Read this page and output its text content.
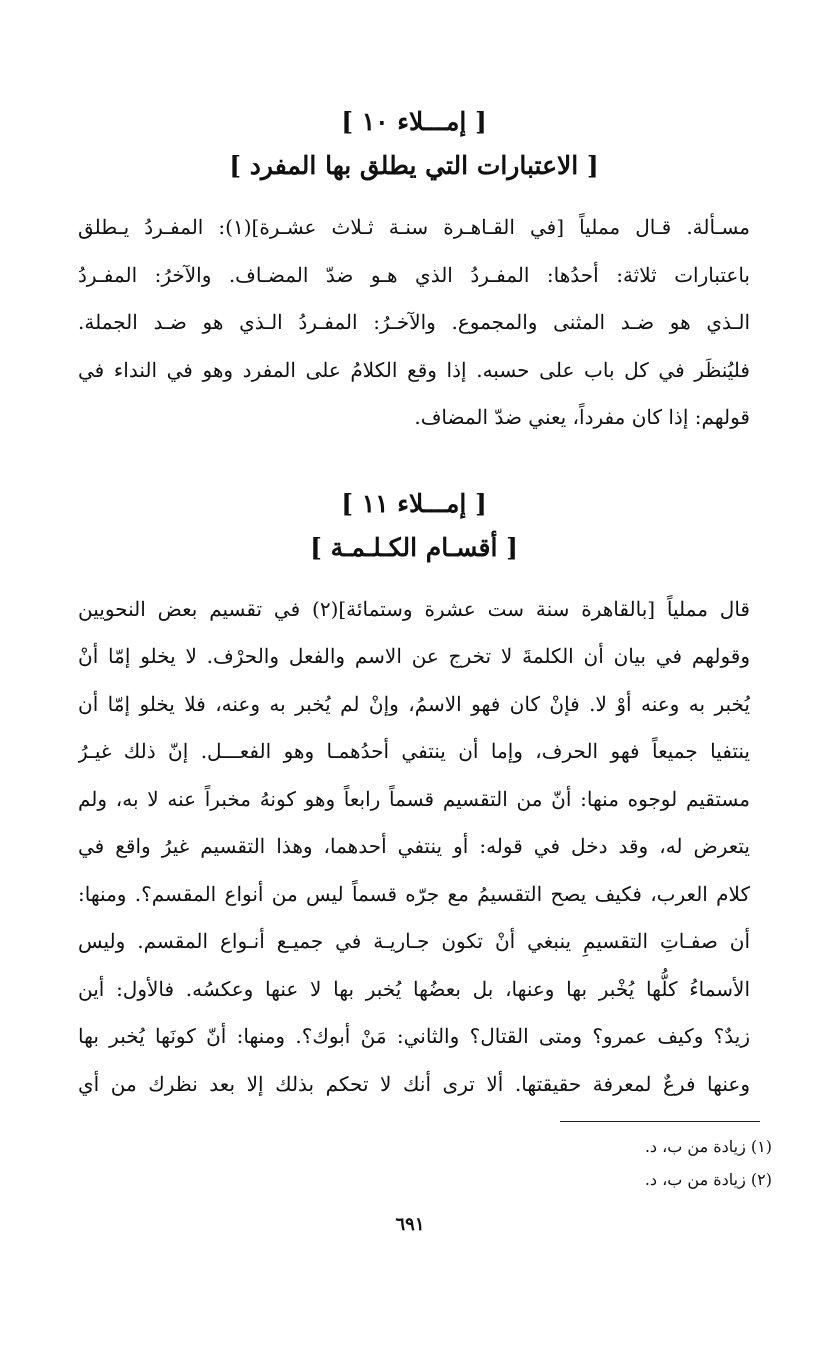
[ إمـــلاء ١٠ ]
[ الاعتبارات التي يطلق بها المفرد ]
مسـألة. قـال مملياً [في القـاهـرة سنـة ثـلاث عشـرة](١): المفـردُ يـطلق
باعتبارات ثلاثة: أحدُها: المفـردُ الذي هـو ضدّ المضـاف. والآخرُ: المفـردُ
الـذي هو ضـد المثنى والمجموع. والآخـرُ: المفـردُ الـذي هو ضـد الجملة.
فليُنظَر في كل باب على حسبه. إذا وقع الكلامُ على المفرد وهو في النداء في
قولهم: إذا كان مفرداً، يعني ضدّ المضاف.
[ إمـــلاء ١١ ]
[ أقسـام الكـلـمـة ]
قال مملياً [بالقاهرة سنة ست عشرة وستمائة](٢) في تقسيم بعض النحويين
وقولهم في بيان أن الكلمةَ لا تخرج عن الاسم والفعل والحرْف. لا يخلو إمّا أنْ
يُخبر به وعنه أوْ لا. فإنْ كان فهو الاسمُ، وإنْ لم يُخبر به وعنه، فلا يخلو إمّا أن
ينتفيا جميعاً فهو الحرف، وإما أن ينتفي أحدُهمـا وهو الفعـــل. إنّ ذلك غيـرُ
مستقيم لوجوه منها: أنّ من التقسيم قسماً رابعاً وهو كونهُ مخبراً عنه لا به، ولم
يتعرض له، وقد دخل في قوله: أو ينتفي أحدهما، وهذا التقسيم غيرُ واقع في
كلام العرب، فكيف يصح التقسيمُ مع جرّه قسماً ليس من أنواع المقسم؟. ومنها:
أن صفـاتِ التقسيمِ ينبغي أنْ تكون جـاريـة في جميـع أنـواع المقسم. وليس
الأسماءُ كلُّها يُخْبر بها وعنها، بل بعضُها يُخبر بها لا عنها وعكسُه. فالأول: أين
زيدٌ؟ وكيف عمرو؟ ومتى القتال؟ والثاني: مَنْ أبوك؟. ومنها: أنّ كونَها يُخبر بها
وعنها فرعٌ لمعرفة حقيقتها. ألا ترى أنك لا تحكم بذلك إلا بعد نظرك من أي
(١) زيادة من ب، د.
(٢) زيادة من ب، د.
٦٩١
